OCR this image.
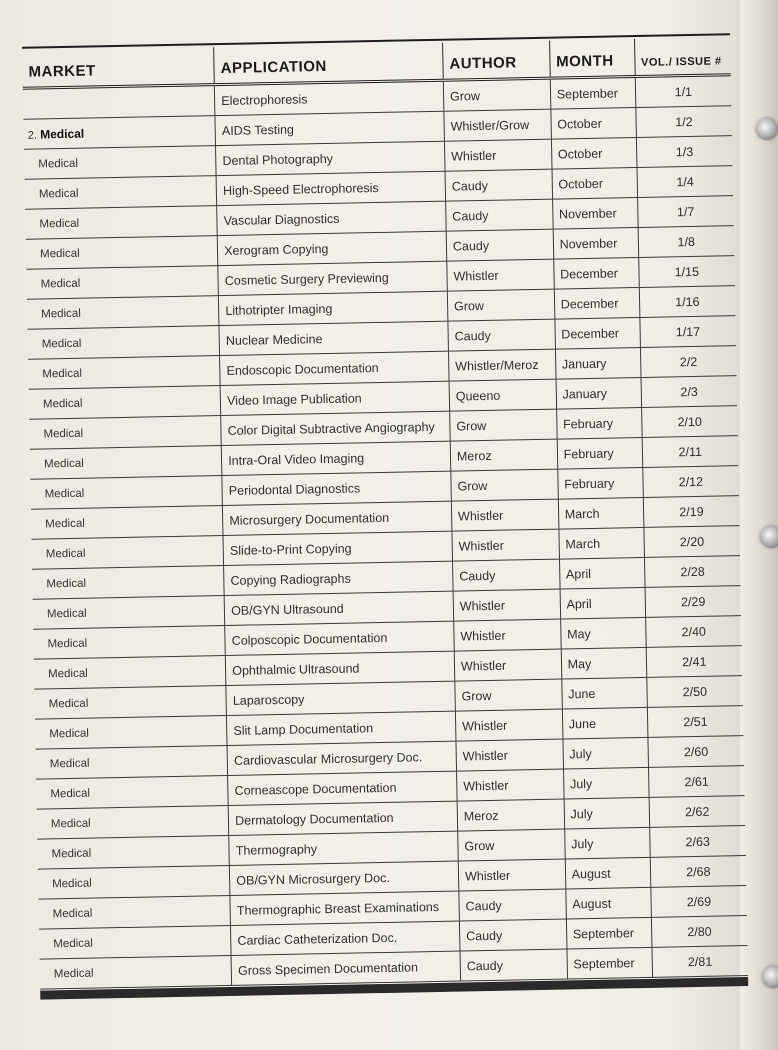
MARKET	APPLICATION	AUTHOR	MONTH	VOL./ ISSUE #
	Electrophoresis	Grow	September	1/1
2. Medical	AIDS Testing	Whistler/Grow	October	1/2
Medical	Dental Photography	Whistler	October	1/3
Medical	High-Speed Electrophoresis	Caudy	October	1/4
Medical	Vascular Diagnostics	Caudy	November	1/7
Medical	Xerogram Copying	Caudy	November	1/8
Medical	Cosmetic Surgery Previewing	Whistler	December	1/15
Medical	Lithotripter Imaging	Grow	December	1/16
Medical	Nuclear Medicine	Caudy	December	1/17
Medical	Endoscopic Documentation	Whistler/Meroz	January	2/2
Medical	Video Image Publication	Queeno	January	2/3
Medical	Color Digital Subtractive Angiography	Grow	February	2/10
Medical	Intra-Oral Video Imaging	Meroz	February	2/11
Medical	Periodontal Diagnostics	Grow	February	2/12
Medical	Microsurgery Documentation	Whistler	March	2/19
Medical	Slide-to-Print Copying	Whistler	March	2/20
Medical	Copying Radiographs	Caudy	April	2/28
Medical	OB/GYN Ultrasound	Whistler	April	2/29
Medical	Colposcopic Documentation	Whistler	May	2/40
Medical	Ophthalmic Ultrasound	Whistler	May	2/41
Medical	Laparoscopy	Grow	June	2/50
Medical	Slit Lamp Documentation	Whistler	June	2/51
Medical	Cardiovascular Microsurgery Doc.	Whistler	July	2/60
Medical	Corneascope Documentation	Whistler	July	2/61
Medical	Dermatology Documentation	Meroz	July	2/62
Medical	Thermography	Grow	July	2/63
Medical	OB/GYN Microsurgery Doc.	Whistler	August	2/68
Medical	Thermographic Breast Examinations	Caudy	August	2/69
Medical	Cardiac Catheterization Doc.	Caudy	September	2/80
Medical	Gross Specimen Documentation	Caudy	September	2/81
